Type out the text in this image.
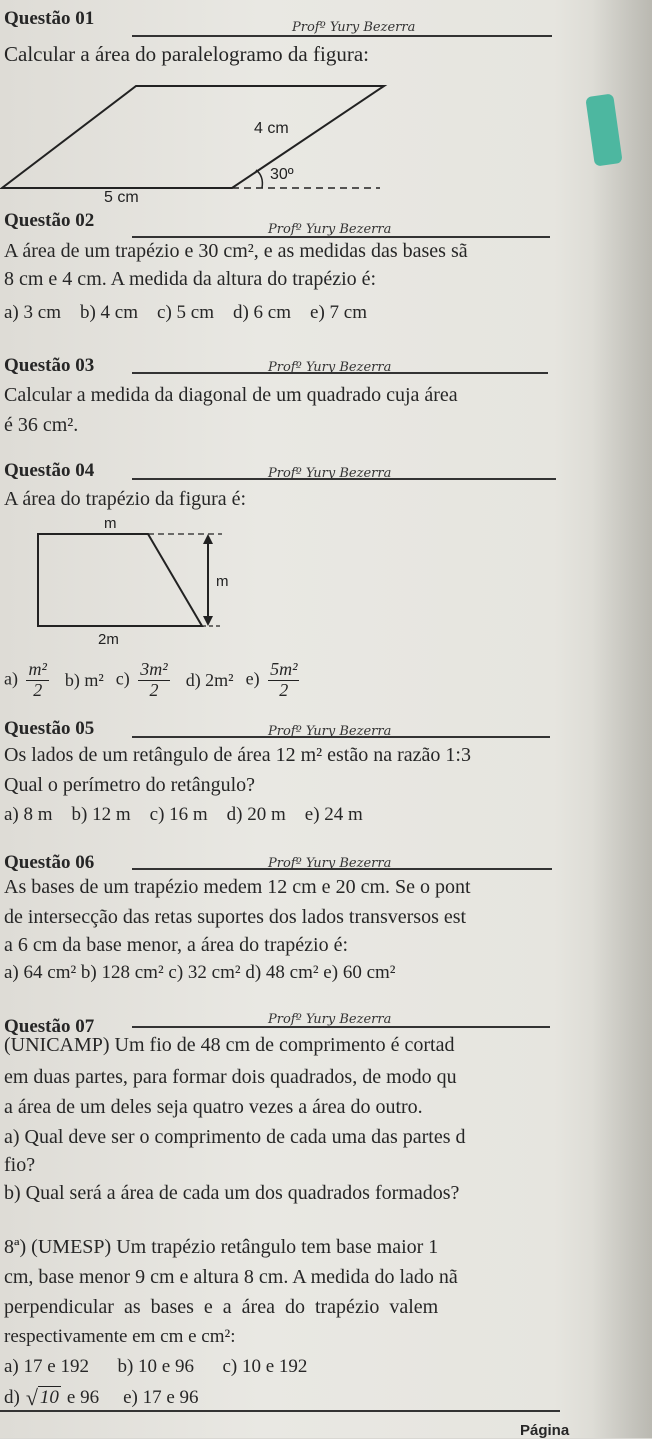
Questão 01	Profº Yury Bezerra
Calcular a área do paralelogramo da figura:
4 cm
30º
5 cm
Questão 02	Profº Yury Bezerra
A área de um trapézio e 30 cm², e as medidas das bases sã
8 cm e 4 cm. A medida da altura do trapézio é:
a) 3 cm    b) 4 cm    c) 5 cm    d) 6 cm    e) 7 cm
Questão 03	Profº Yury Bezerra
Calcular a medida da diagonal de um quadrado cuja área
é 36 cm².
Questão 04	Profº Yury Bezerra
A área do trapézio da figura é:
m
m
2m
$a) \frac{\text{m²}}{2} b$) m² $c) \frac{\text{3m²}}{2} d$) 2m² $e) \frac{\text{5m²}}{2}$
Questão 05	Profº Yury Bezerra
Os lados de um retângulo de área 12 m² estão na razão 1:3
Qual o perímetro do retângulo?
a) 8 m    b) 12 m    c) 16 m    d) 20 m    e) 24 m
Questão 06	Profº Yury Bezerra
As bases de um trapézio medem 12 cm e 20 cm. Se o pont
de intersecção das retas suportes dos lados transversos est
a 6 cm da base menor, a área do trapézio é:
a) 64 cm² b) 128 cm² c) 32 cm² d) 48 cm² e) 60 cm²
Questão 07	Profº Yury Bezerra
(UNICAMP) Um fio de 48 cm de comprimento é cortad
em duas partes, para formar dois quadrados, de modo qu
a área de um deles seja quatro vezes a área do outro.
a) Qual deve ser o comprimento de cada uma das partes d
fio?
b) Qual será a área de cada um dos quadrados formados?
8ª) (UMESP) Um trapézio retângulo tem base maior 1
cm, base menor 9 cm e altura 8 cm. A medida do lado nã
perpendicular as bases e a área do trapézio valem
respectivamente em cm e cm²:
a) 17 e 192      b) 10 e 96      c) 10 e 192
d) √ 10 e 96 e) 17 e 96
Página
